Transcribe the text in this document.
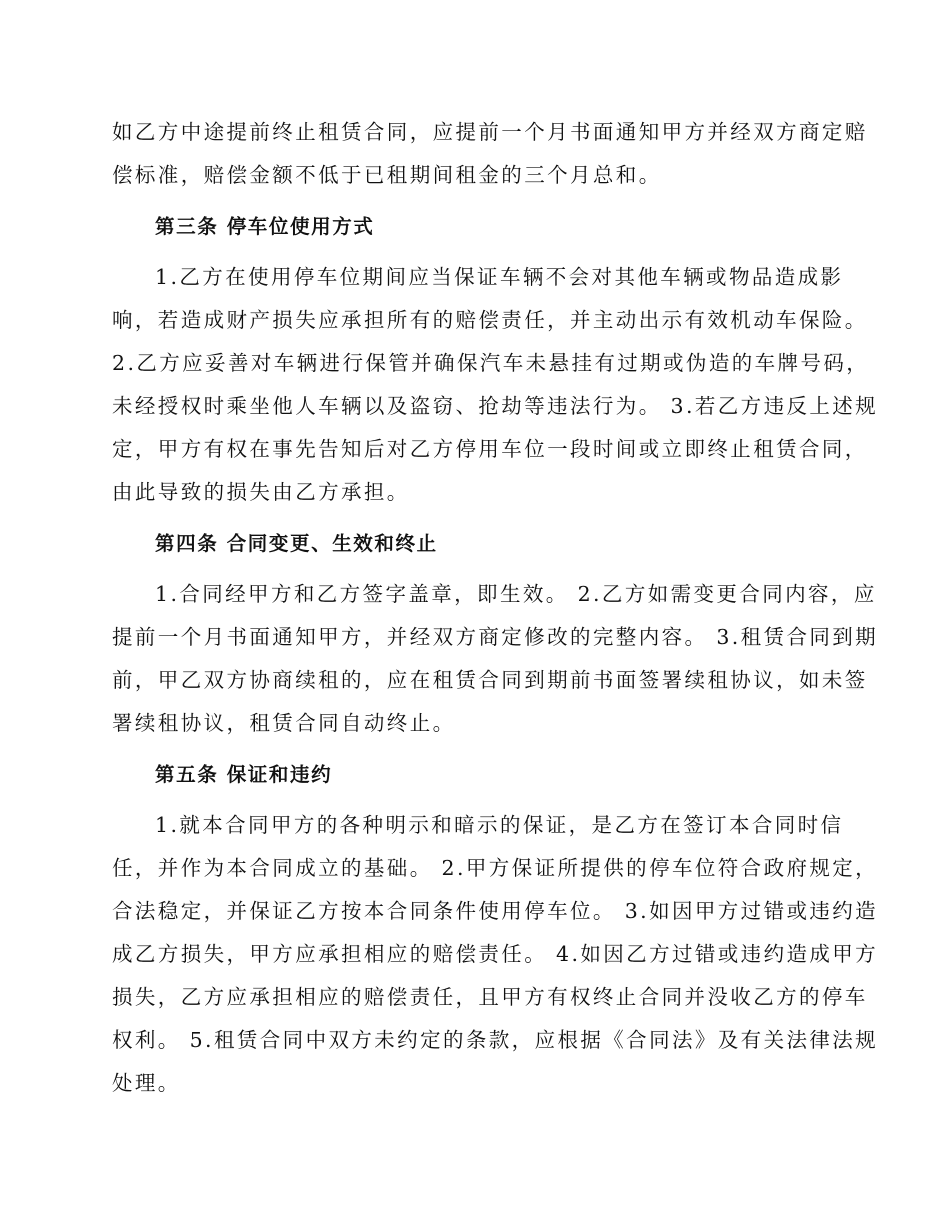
如乙方中途提前终止租赁合同，应提前一个月书面通知甲方并经双方商定赔
偿标准，赔偿金额不低于已租期间租金的三个月总和。
第三条 停车位使用方式
1.乙方在使用停车位期间应当保证车辆不会对其他车辆或物品造成影
响，若造成财产损失应承担所有的赔偿责任，并主动出示有效机动车保险。
2.乙方应妥善对车辆进行保管并确保汽车未悬挂有过期或伪造的车牌号码，
未经授权时乘坐他人车辆以及盗窃、抢劫等违法行为。 3.若乙方违反上述规
定，甲方有权在事先告知后对乙方停用车位一段时间或立即终止租赁合同，
由此导致的损失由乙方承担。
第四条 合同变更、生效和终止
1.合同经甲方和乙方签字盖章，即生效。 2.乙方如需变更合同内容，应
提前一个月书面通知甲方，并经双方商定修改的完整内容。 3.租赁合同到期
前，甲乙双方协商续租的，应在租赁合同到期前书面签署续租协议，如未签
署续租协议，租赁合同自动终止。
第五条 保证和违约
1.就本合同甲方的各种明示和暗示的保证，是乙方在签订本合同时信
任，并作为本合同成立的基础。 2.甲方保证所提供的停车位符合政府规定，
合法稳定，并保证乙方按本合同条件使用停车位。 3.如因甲方过错或违约造
成乙方损失，甲方应承担相应的赔偿责任。 4.如因乙方过错或违约造成甲方
损失，乙方应承担相应的赔偿责任，且甲方有权终止合同并没收乙方的停车
权利。 5.租赁合同中双方未约定的条款，应根据《合同法》及有关法律法规
处理。
